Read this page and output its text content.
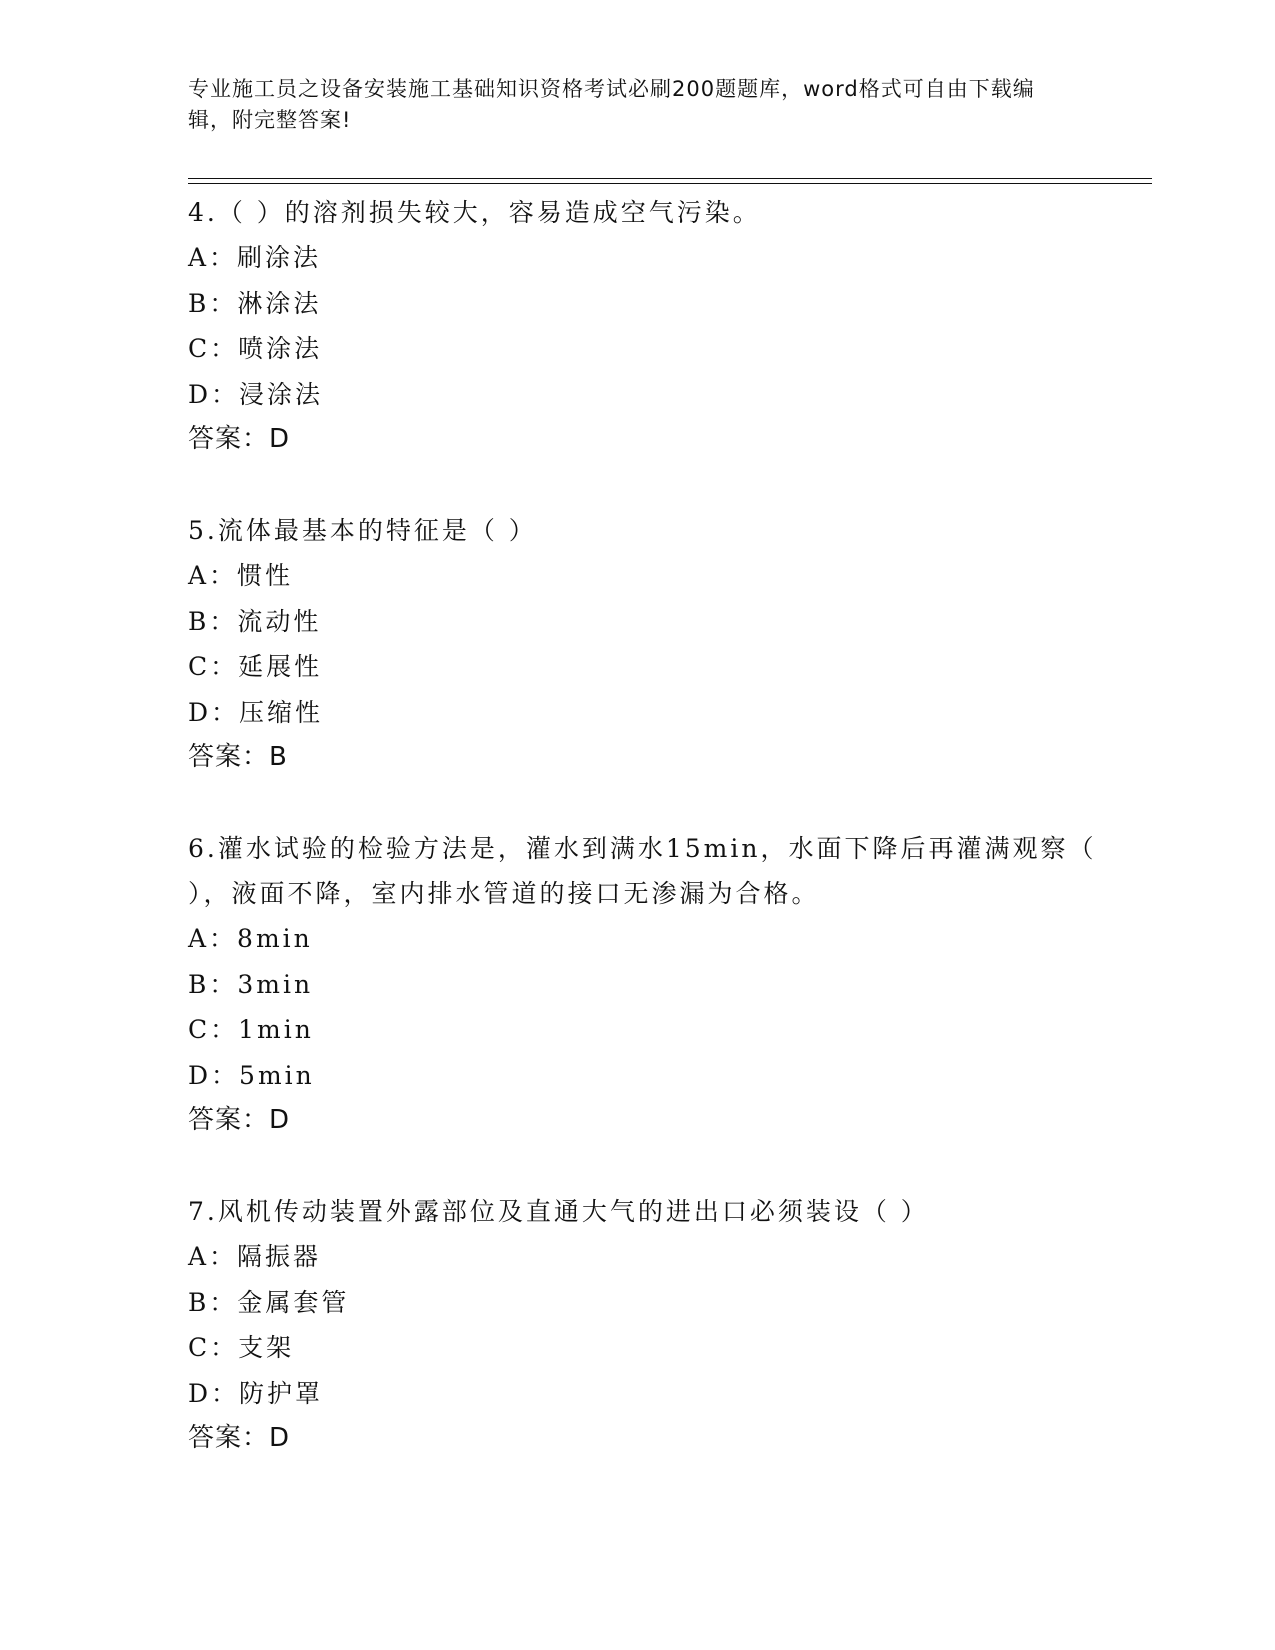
专业施工员之设备安装施工基础知识资格考试必刷200题题库，word格式可自由下载编辑，附完整答案!
4.（ ）的溶剂损失较大，容易造成空气污染。
A：刷涂法
B：淋涂法
C：喷涂法
D：浸涂法
答案：D
5.流体最基本的特征是（ ）
A：惯性
B：流动性
C：延展性
D：压缩性
答案：B
6.灌水试验的检验方法是，灌水到满水15min，水面下降后再灌满观察（ ），液面不降，室内排水管道的接口无渗漏为合格。
A：8min
B：3min
C：1min
D：5min
答案：D
7.风机传动装置外露部位及直通大气的进出口必须装设（ ）
A：隔振器
B：金属套管
C：支架
D：防护罩
答案：D
